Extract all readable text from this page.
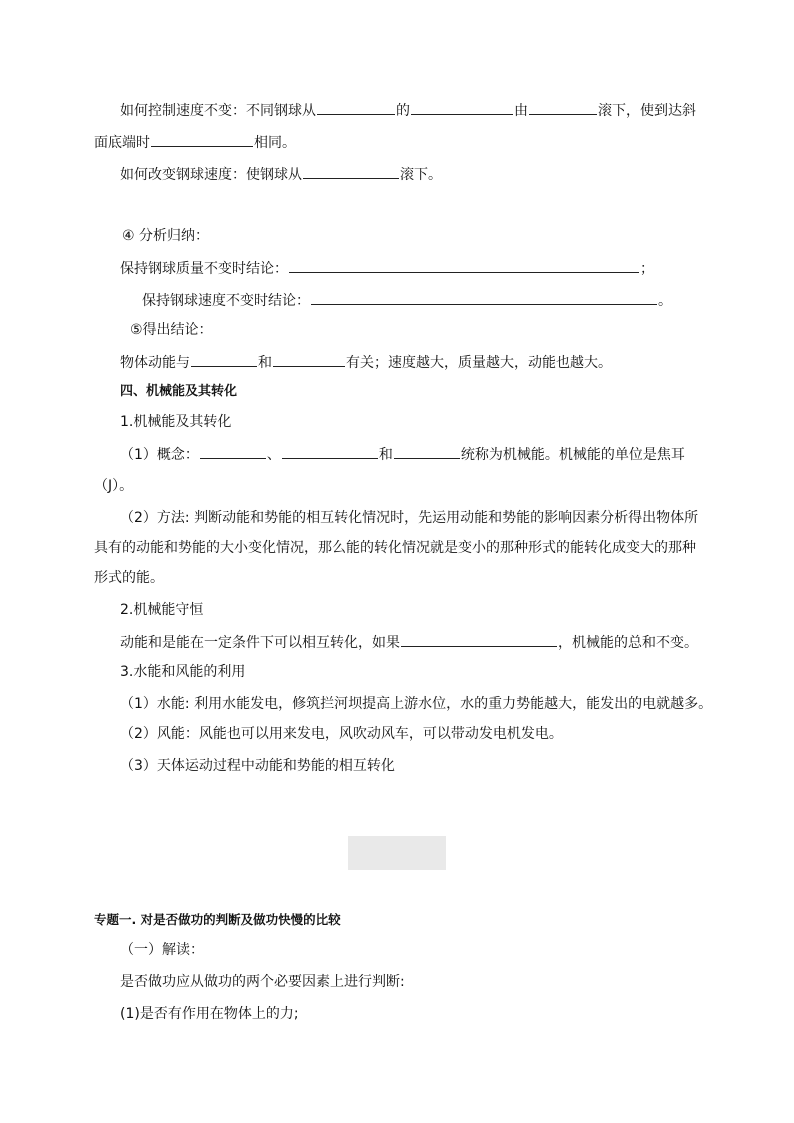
如何控制速度不变：不同钢球从	的	由	滚下，使到达斜
面底端时	相同。
如何改变钢球速度：使钢球从	滚下。
④ 分析归纳：
保持钢球质量不变时结论：	；
保持钢球速度不变时结论：	。
⑤得出结论：
物体动能与	和	有关；速度越大，质量越大，动能也越大。
四、机械能及其转化
1.机械能及其转化
（1）概念：	、	和	统称为机械能。机械能的单位是焦耳
（J）。
（2）方法: 判断动能和势能的相互转化情况时，先运用动能和势能的影响因素分析得出物体所
具有的动能和势能的大小变化情况，那么能的转化情况就是变小的那种形式的能转化成变大的那种
形式的能。
2.机械能守恒
动能和是能在一定条件下可以相互转化，如果	，机械能的总和不变。
3.水能和风能的利用
（1）水能: 利用水能发电，修筑拦河坝提高上游水位，水的重力势能越大，能发出的电就越多。
（2）风能：风能也可以用来发电，风吹动风车，可以带动发电机发电。
（3）天体运动过程中动能和势能的相互转化
专题一. 对是否做功的判断及做功快慢的比较
（一）解读：
是否做功应从做功的两个必要因素上进行判断:
(1)是否有作用在物体上的力;
